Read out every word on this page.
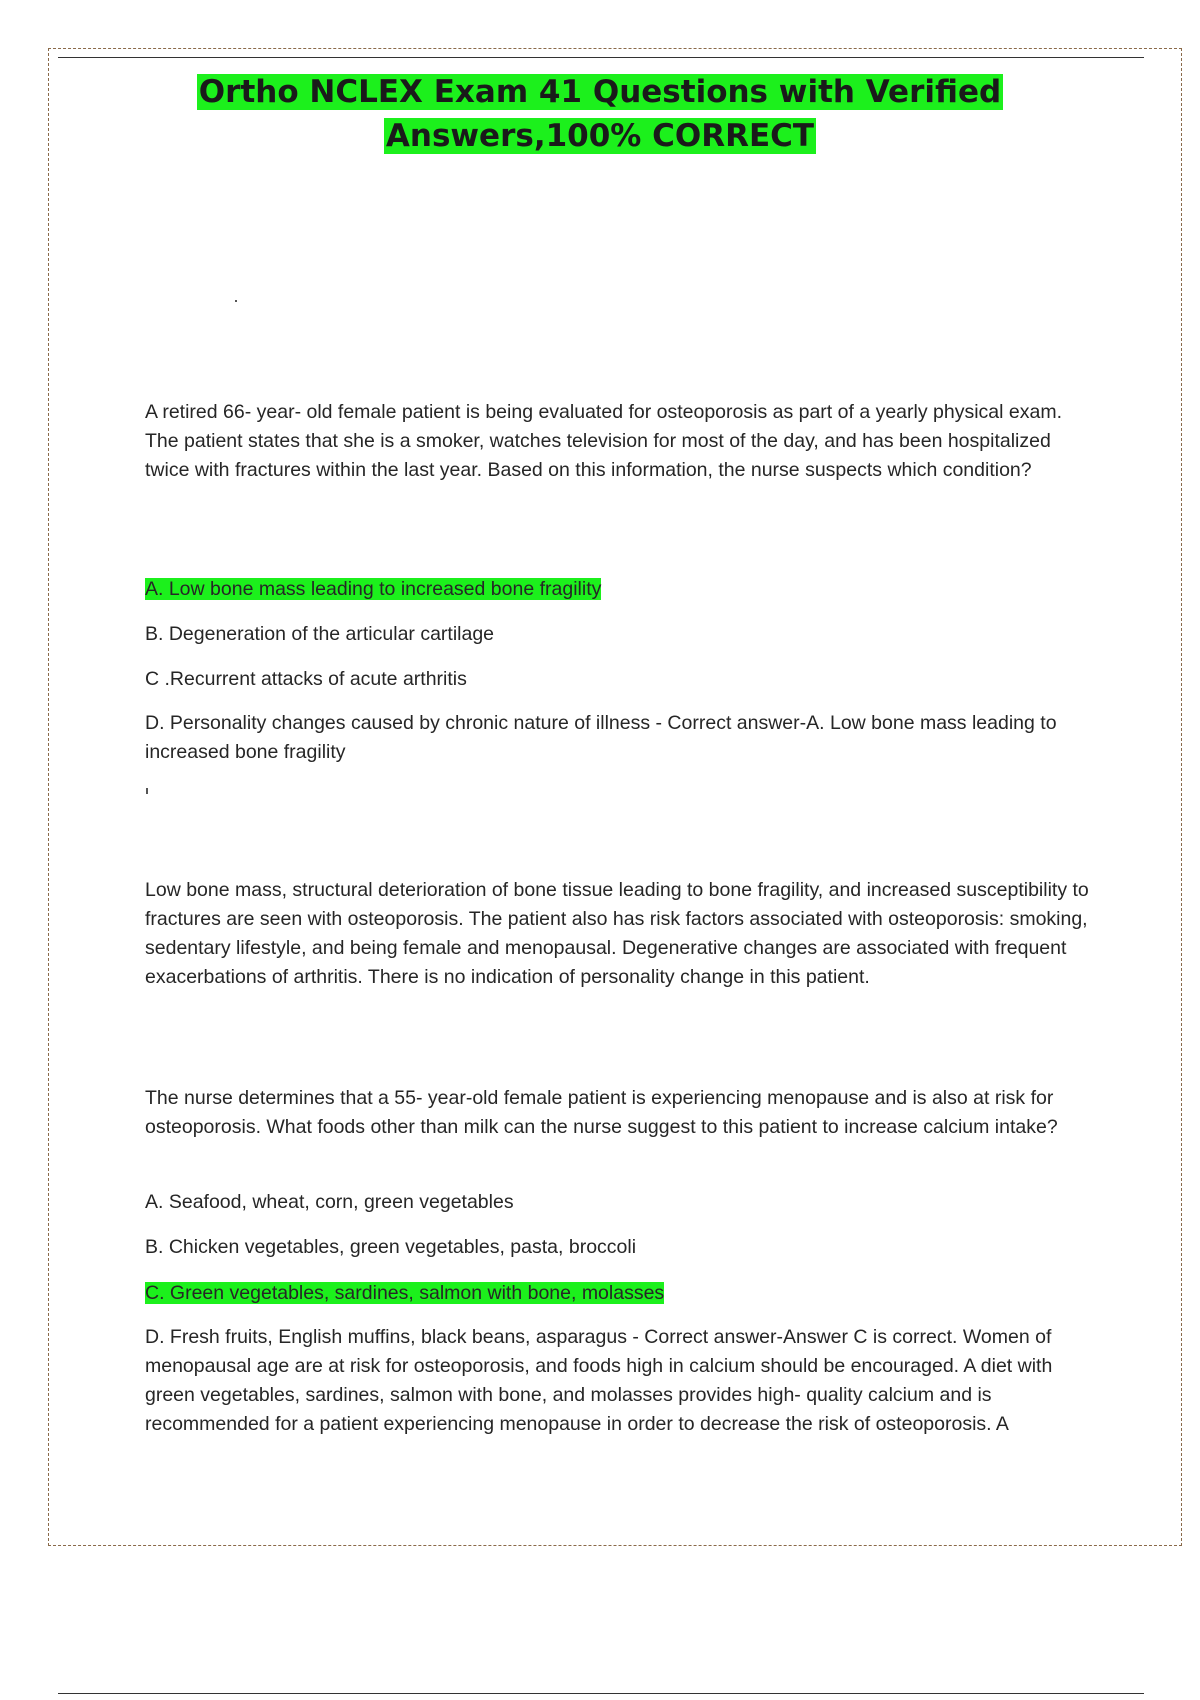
Ortho NCLEX Exam 41 Questions with Verified
Answers,100% CORRECT

A retired 66- year- old female patient is being evaluated for osteoporosis as part of a yearly physical exam. The patient states that she is a smoker, watches television for most of the day, and has been hospitalized twice with fractures within the last year. Based on this information, the nurse suspects which condition?

A. Low bone mass leading to increased bone fragility

B. Degeneration of the articular cartilage

C .Recurrent attacks of acute arthritis

D. Personality changes caused by chronic nature of illness - Correct answer-A. Low bone mass leading to increased bone fragility

Low bone mass, structural deterioration of bone tissue leading to bone fragility, and increased susceptibility to fractures are seen with osteoporosis. The patient also has risk factors associated with osteoporosis: smoking, sedentary lifestyle, and being female and menopausal. Degenerative changes are associated with frequent exacerbations of arthritis. There is no indication of personality change in this patient.

The nurse determines that a 55- year-old female patient is experiencing menopause and is also at risk for osteoporosis. What foods other than milk can the nurse suggest to this patient to increase calcium intake?

A. Seafood, wheat, corn, green vegetables

B. Chicken vegetables, green vegetables, pasta, broccoli

C. Green vegetables, sardines, salmon with bone, molasses

D. Fresh fruits, English muffins, black beans, asparagus - Correct answer-Answer C is correct. Women of menopausal age are at risk for osteoporosis, and foods high in calcium should be encouraged. A diet with green vegetables, sardines, salmon with bone, and molasses provides high- quality calcium and is recommended for a patient experiencing menopause in order to decrease the risk of osteoporosis. A
